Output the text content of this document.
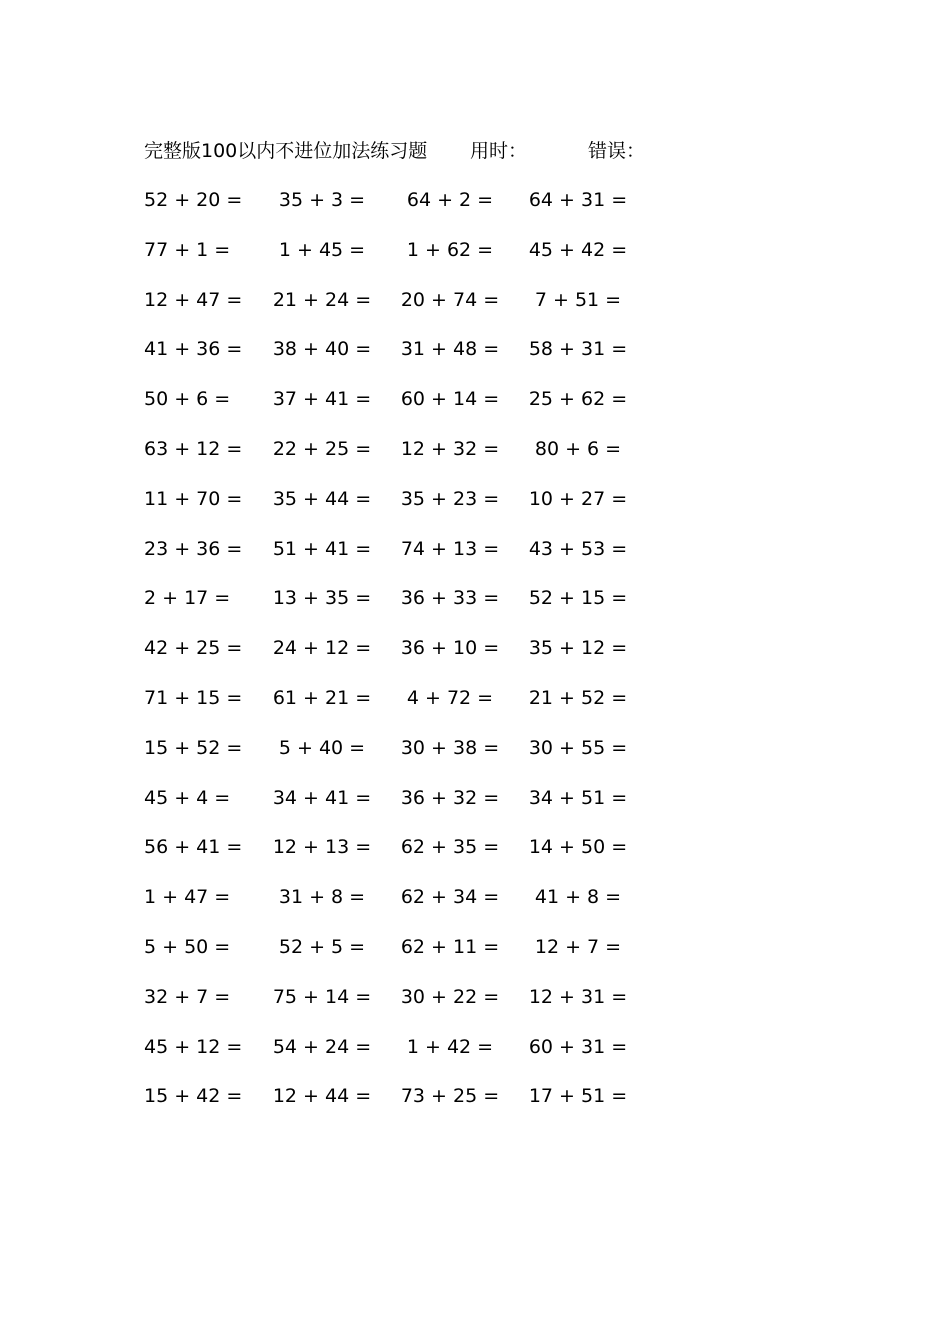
完整版100以内不进位加法练习题 用时：	错误：
52 + 20 =	35 + 3 =	64 + 2 =	64 + 31 =
77 + 1 =	1 + 45 =	1 + 62 =	45 + 42 =
12 + 47 =	21 + 24 =	20 + 74 =	7 + 51 =
41 + 36 =	38 + 40 =	31 + 48 =	58 + 31 =
50 + 6 =	37 + 41 =	60 + 14 =	25 + 62 =
63 + 12 =	22 + 25 =	12 + 32 =	80 + 6 =
11 + 70 =	35 + 44 =	35 + 23 =	10 + 27 =
23 + 36 =	51 + 41 =	74 + 13 =	43 + 53 =
2 + 17 =	13 + 35 =	36 + 33 =	52 + 15 =
42 + 25 =	24 + 12 =	36 + 10 =	35 + 12 =
71 + 15 =	61 + 21 =	4 + 72 =	21 + 52 =
15 + 52 =	5 + 40 =	30 + 38 =	30 + 55 =
45 + 4 =	34 + 41 =	36 + 32 =	34 + 51 =
56 + 41 =	12 + 13 =	62 + 35 =	14 + 50 =
1 + 47 =	31 + 8 =	62 + 34 =	41 + 8 =
5 + 50 =	52 + 5 =	62 + 11 =	12 + 7 =
32 + 7 =	75 + 14 =	30 + 22 =	12 + 31 =
45 + 12 =	54 + 24 =	1 + 42 =	60 + 31 =
15 + 42 =	12 + 44 =	73 + 25 =	17 + 51 =
